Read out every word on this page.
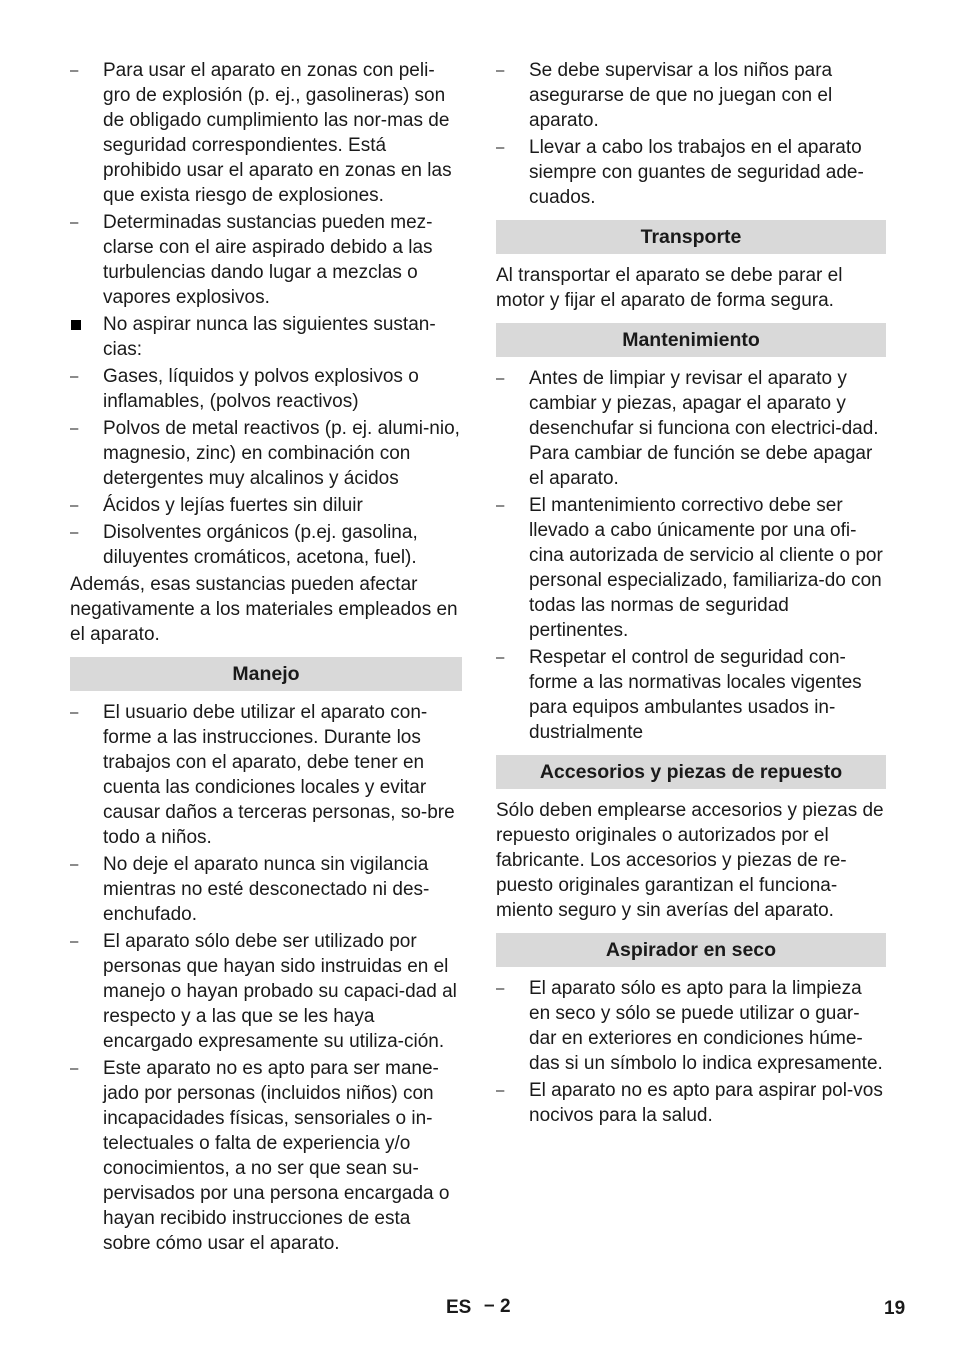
–	Para usar el aparato en zonas con peli-gro de explosión (p. ej., gasolineras) son de obligado cumplimiento las nor-mas de seguridad correspondientes. Está prohibido usar el aparato en zonas en las que exista riesgo de explosiones.
–	Determinadas sustancias pueden mez-clarse con el aire aspirado debido a las turbulencias dando lugar a mezclas o vapores explosivos.
No aspirar nunca las siguientes sustan-cias:
–	Gases, líquidos y polvos explosivos o inflamables, (polvos reactivos)
–	Polvos de metal reactivos (p. ej. alumi-nio, magnesio, zinc) en combinación con detergentes muy alcalinos y ácidos
–	Ácidos y lejías fuertes sin diluir
–	Disolventes orgánicos (p.ej. gasolina, diluyentes cromáticos, acetona, fuel).
Además, esas sustancias pueden afectar negativamente a los materiales empleados en el aparato.
Manejo
–	El usuario debe utilizar el aparato con-forme a las instrucciones. Durante los trabajos con el aparato, debe tener en cuenta las condiciones locales y evitar causar daños a terceras personas, so-bre todo a niños.
–	No deje el aparato nunca sin vigilancia mientras no esté desconectado ni des-enchufado.
–	El aparato sólo debe ser utilizado por personas que hayan sido instruidas en el manejo o hayan probado su capaci-dad al respecto y a las que se les haya encargado expresamente su utiliza-ción.
–	Este aparato no es apto para ser mane-jado por personas (incluidos niños) con incapacidades físicas, sensoriales o in-telectuales o falta de experiencia y/o conocimientos, a no ser que sean su-pervisados por una persona encargada o hayan recibido instrucciones de esta sobre cómo usar el aparato.
–	Se debe supervisar a los niños para asegurarse de que no juegan con el aparato.
–	Llevar a cabo los trabajos en el aparato siempre con guantes de seguridad ade-cuados.
Transporte
Al transportar el aparato se debe parar el motor y fijar el aparato de forma segura.
Mantenimiento
–	Antes de limpiar y revisar el aparato y cambiar y piezas, apagar el aparato y desenchufar si funciona con electrici-dad. Para cambiar de función se debe apagar el aparato.
–	El mantenimiento correctivo debe ser llevado a cabo únicamente por una ofi-cina autorizada de servicio al cliente o por personal especializado, familiariza-do con todas las normas de seguridad pertinentes.
–	Respetar el control de seguridad con-forme a las normativas locales vigentes para equipos ambulantes usados in-dustrialmente
Accesorios y piezas de repuesto
Sólo deben emplearse accesorios y piezas de repuesto originales o autorizados por el fabricante. Los accesorios y piezas de re-puesto originales garantizan el funciona-miento seguro y sin averías del aparato.
Aspirador en seco
–	El aparato sólo es apto para la limpieza en seco y sólo se puede utilizar o guar-dar en exteriores en condiciones húme-das si un símbolo lo indica expresamente.
–	El aparato no es apto para aspirar pol-vos nocivos para la salud.
ES – 2	19
